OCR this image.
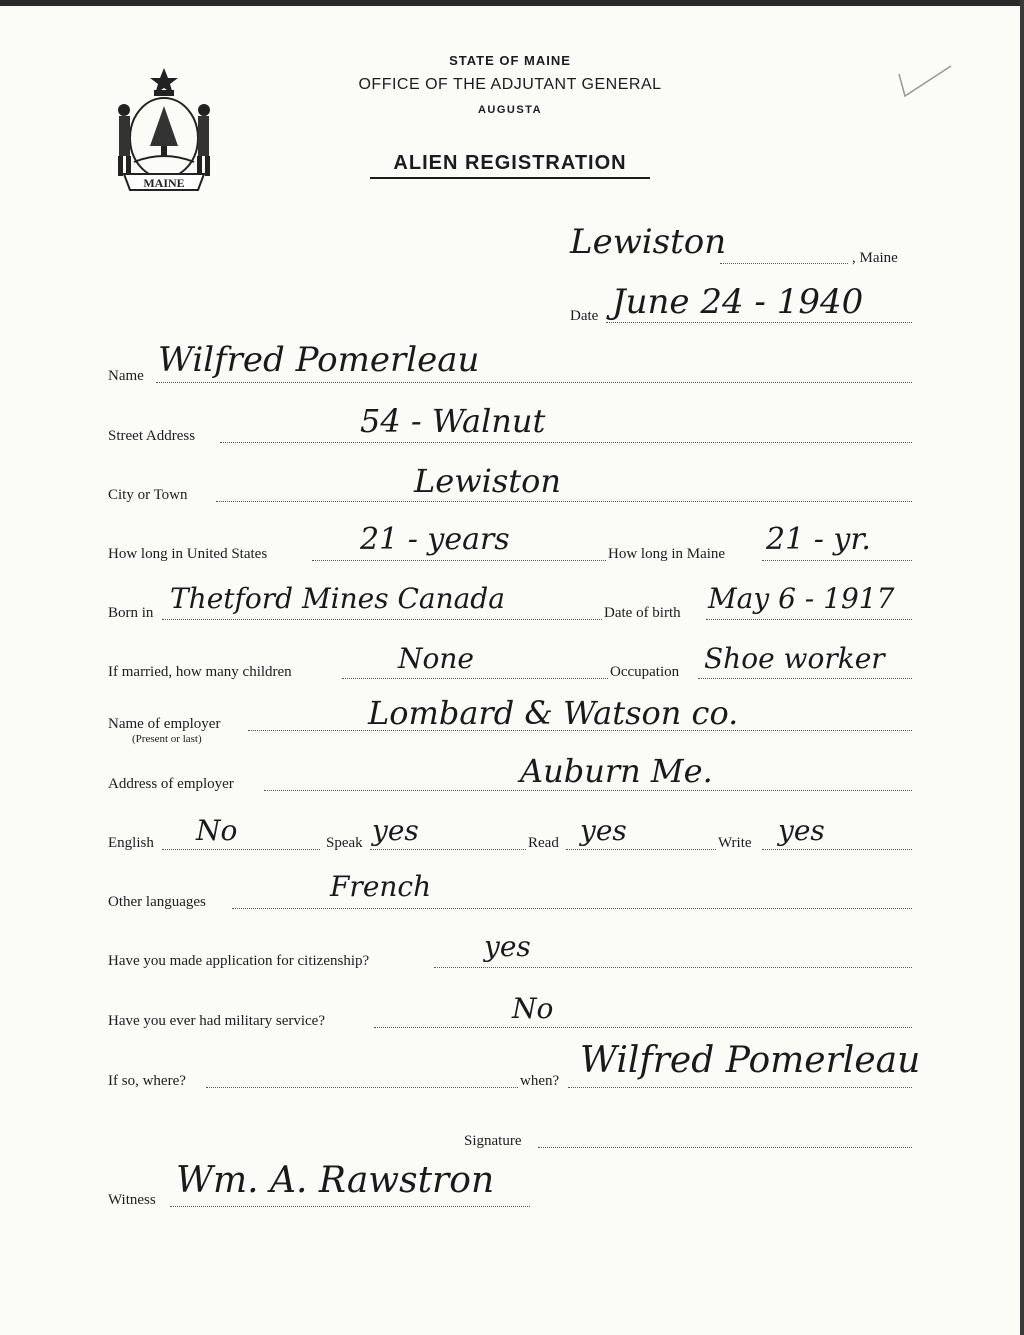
MAINE
STATE OF MAINE
OFFICE OF THE ADJUTANT GENERAL
AUGUSTA
ALIEN REGISTRATION
Lewiston	, Maine
Date June 24 - 1940
Name Wilfred Pomerleau
Street Address	54 - Walnut
City or Town	Lewiston
How long in United States	21 - years	How long in Maine 21 - yr.
Born in Thetford Mines Canada	Date of birth May 6 - 1917
If married, how many children	None	Occupation Shoe worker
Name of employer
(Present or last)
Lombard & Watson co.
Address of employer	Auburn Me.
English No	Speak yes	Read yes	Write yes
Other languages	French
Have you made application for citizenship?	yes
Have you ever had military service?	No
If so, where?	when? Wilfred Pomerleau
Signature
Witness Wm. A. Rawstron
